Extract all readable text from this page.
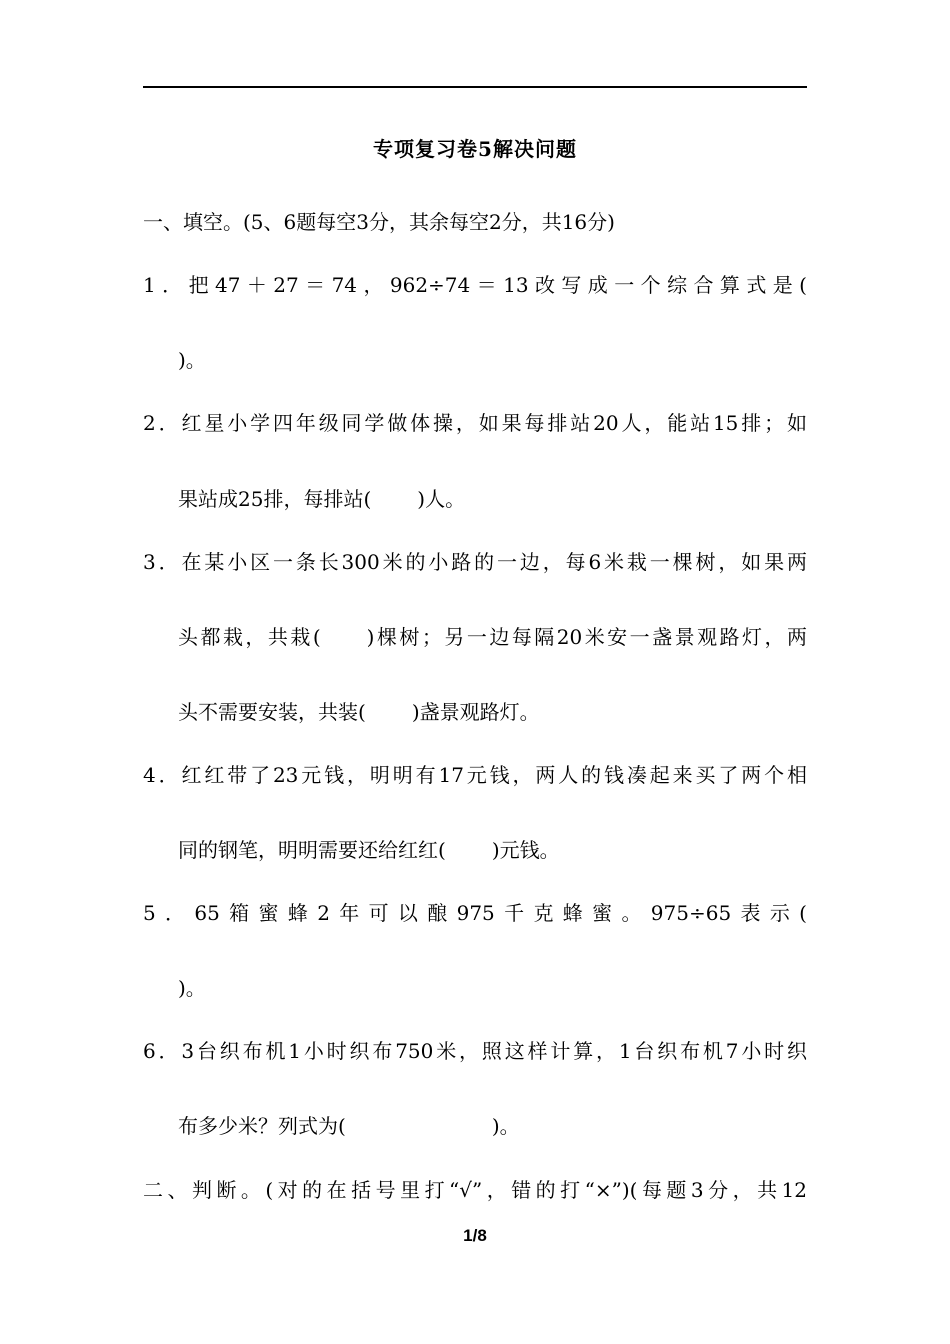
专项复习卷5解决问题
一、填空。(5、6题每空3分，其余每空2分，共16分)
1．把47＋27＝74，962÷74＝13改写成一个综合算式是(
)。
2．红星小学四年级同学做体操，如果每排站20人，能站15排；如
果站成25排，每排站( )人。
3．在某小区一条长300米的小路的一边，每6米栽一棵树，如果两
头都栽，共栽( )棵树；另一边每隔20米安一盏景观路灯，两
头不需要安装，共装( )盏景观路灯。
4．红红带了23元钱，明明有17元钱，两人的钱凑起来买了两个相
同的钢笔，明明需要还给红红( )元钱。
5．65箱蜜蜂2年可以酿975千克蜂蜜。975÷65表示(
)。
6．3台织布机1小时织布750米，照这样计算，1台织布机7小时织
布多少米？列式为(	)。
二、判断。(对的在括号里打“√”，错的打“×”)(每题3分，共12
1/8
